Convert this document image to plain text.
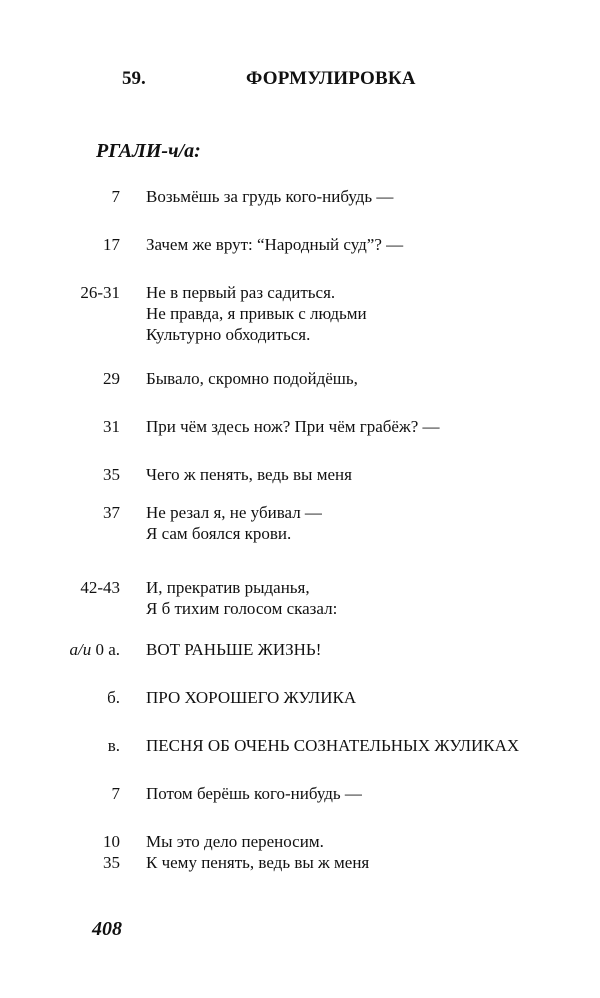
59.	ФОРМУЛИРОВКА
РГАЛИ-ч/а:
7 Возьмёшь за грудь кого-нибудь —
17 Зачем же врут: “Народный суд”? —
26-31 Не в первый раз садиться.
Не правда, я привык с людьми
Культурно обходиться.
29 Бывало, скромно подойдёшь,
31 При чём здесь нож? При чём грабёж? —
35 Чего ж пенять, ведь вы меня
37 Не резал я, не убивал —
Я сам боялся крови.
42-43 И, прекратив рыданья,
Я б тихим голосом сказал:
а/и 0 а. ВОТ РАНЬШЕ ЖИЗНЬ!
б. ПРО ХОРОШЕГО ЖУЛИКА
в. ПЕСНЯ ОБ ОЧЕНЬ СОЗНАТЕЛЬНЫХ ЖУЛИКАХ
7 Потом берёшь кого-нибудь —
10 Мы это дело переносим.
35 К чему пенять, ведь вы ж меня
408
